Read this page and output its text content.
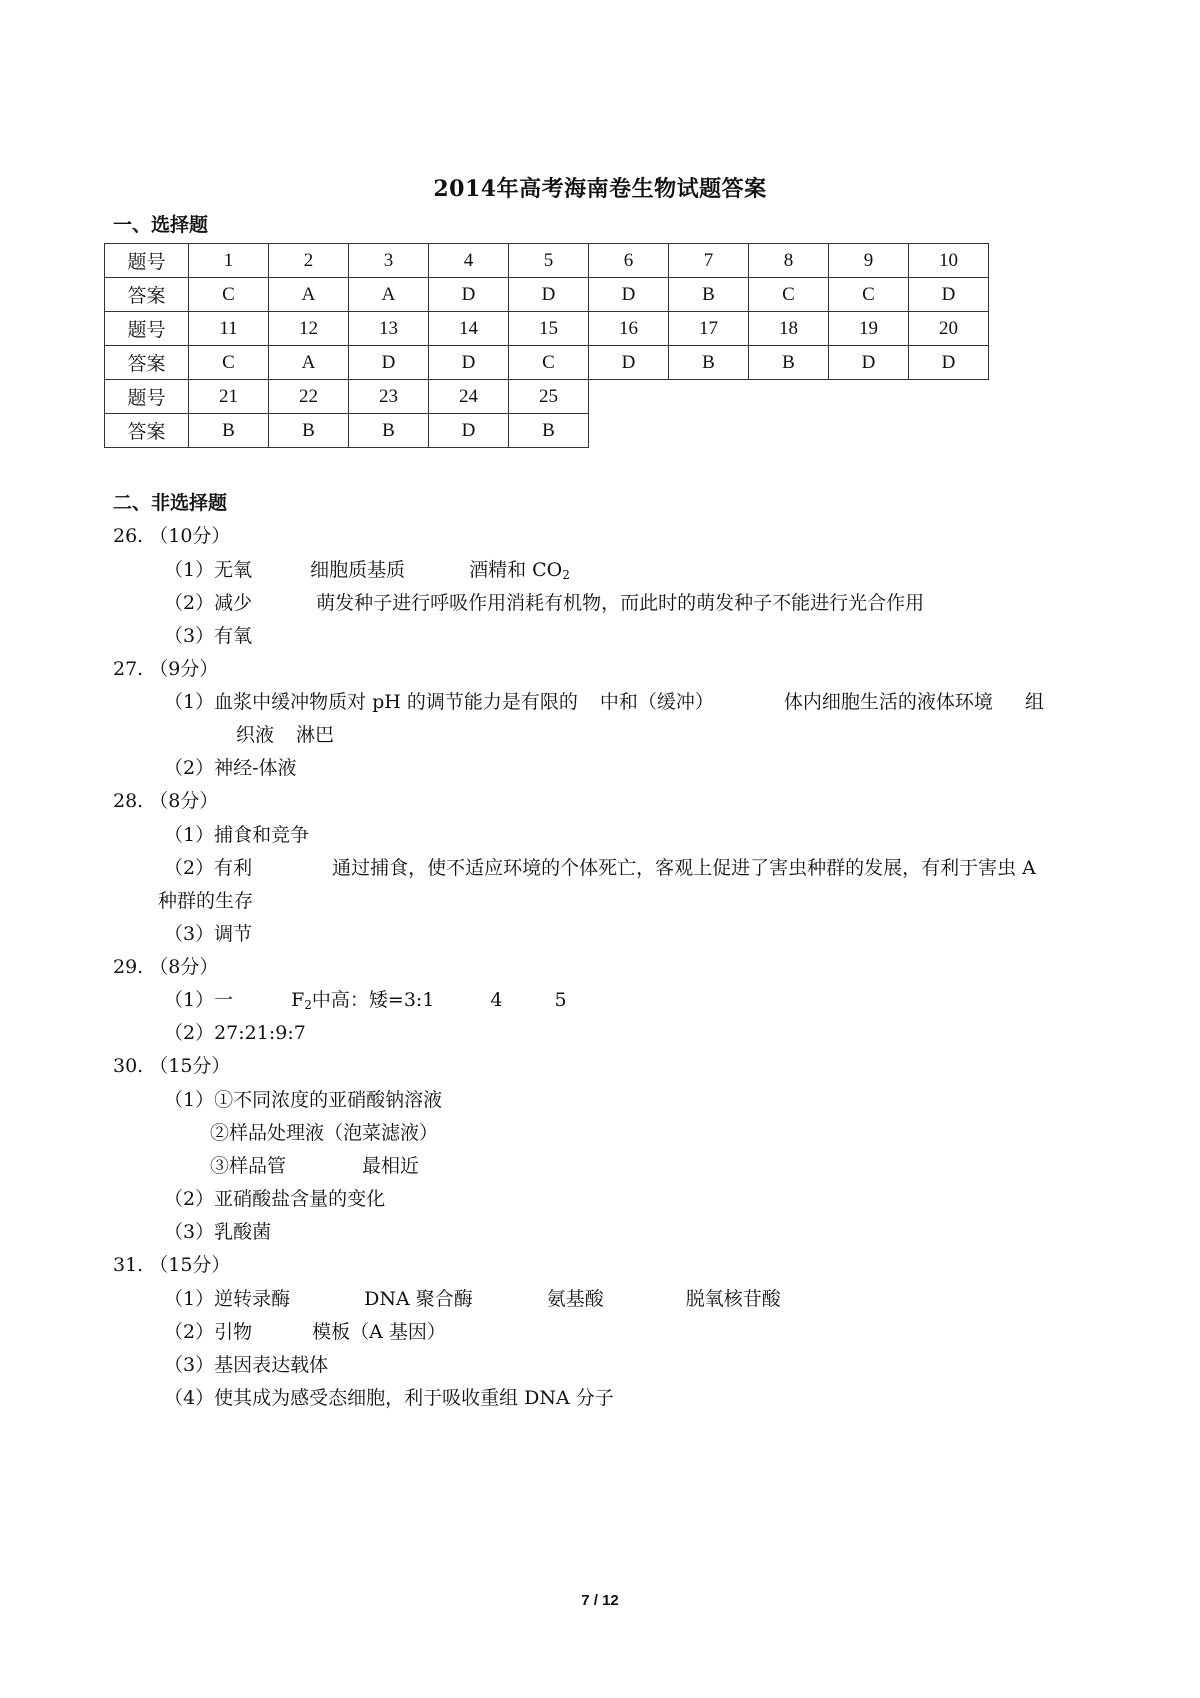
2014年高考海南卷生物试题答案
一、选择题
题号	1	2	3	4	5	6	7	8	9	10
答案	C	A	A	D	D	D	B	C	C	D
题号	11	12	13	14	15	16	17	18	19	20
答案	C	A	D	D	C	D	B	B	D	D
题号	21	22	23	24	25					
答案	B	B	B	D	B					
二、非选择题
26. （10分）
（1）无氧	细胞质基质	酒精和 $CO_2$
（2）减少	萌发种子进行呼吸作用消耗有机物，而此时的萌发种子不能进行光合作用
（3）有氧
27. （9分）
（1）血浆中缓冲物质对 pH 的调节能力是有限的 中和（缓冲）	体内细胞生活的液体环境 组
织液 淋巴
（2）神经-体液
28. （8分）
（1）捕食和竞争
（2）有利	通过捕食，使不适应环境的个体死亡，客观上促进了害虫种群的发展，有利于害虫 A
种群的生存
（3）调节
29. （8分）
（1）一	$F_2$中高：矮=3:1	4	5
（2）27:21:9:7
30. （15分）
（1）①不同浓度的亚硝酸钠溶液
②样品处理液（泡菜滤液）
③样品管	最相近
（2）亚硝酸盐含量的变化
（3）乳酸菌
31. （15分）
（1）逆转录酶	DNA 聚合酶	氨基酸	脱氧核苷酸
（2）引物	模板（A 基因）
（3）基因表达载体
（4）使其成为感受态细胞，利于吸收重组 DNA 分子
7 / 12
